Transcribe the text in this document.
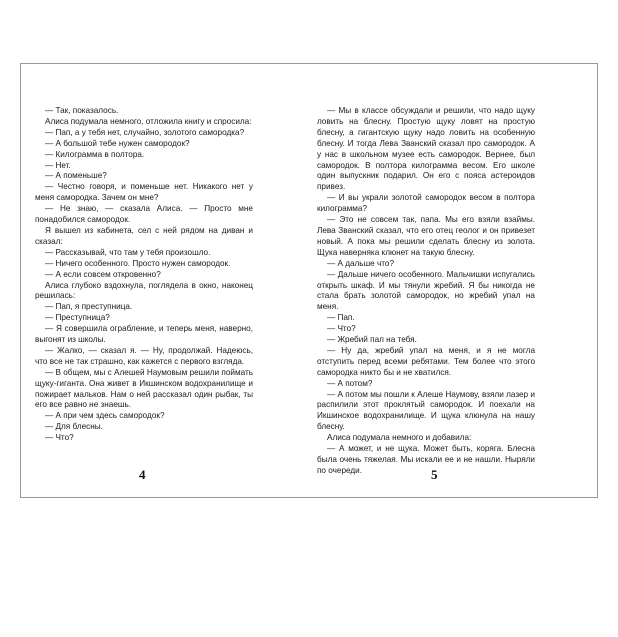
— Так, показалось.

Алиса подумала немного, отложила книгу и спросила:

— Пап, а у тебя нет, случайно, золотого самородка?

— А большой тебе нужен самородок?

— Килограмма в полтора.

— Нет.

— А поменьше?

— Честно говоря, и поменьше нет. Никакого нет у меня самородка. Зачем он мне?

— Не знаю, — сказала Алиса. — Просто мне понадобился самородок.

Я вышел из кабинета, сел с ней рядом на диван и сказал:

— Рассказывай, что там у тебя произошло.

— Ничего особенного. Просто нужен самородок.

— А если совсем откровенно?

Алиса глубоко вздохнула, поглядела в окно, наконец решилась:

— Пап, я преступница.

— Преступница?

— Я совершила ограбление, и теперь меня, наверно, выгонят из школы.

— Жалко, — сказал я. — Ну, продолжай. Надеюсь, что все не так страшно, как кажется с первого взгляда.

— В общем, мы с Алешей Наумовым решили поймать щуку-гиганта. Она живет в Икшинском водохранилище и пожирает мальков. Нам о ней рассказал один рыбак, ты его все равно не знаешь.

— А при чем здесь самородок?

— Для блесны.

— Что?

4

— Мы в классе обсуждали и решили, что надо щуку ловить на блесну. Простую щуку ловят на простую блесну, а гигантскую щуку надо ловить на особенную блесну. И тогда Лева Званский сказал про самородок. А у нас в школьном музее есть самородок. Вернее, был самородок. В полтора килограмма весом. Его школе один выпускник подарил. Он его с пояса астероидов привез.

— И вы украли золотой самородок весом в полтора килограмма?

— Это не совсем так, папа. Мы его взяли взаймы. Лева Званский сказал, что его отец геолог и он привезет новый. А пока мы решили сделать блесну из золота. Щука наверняка клюнет на такую блесну.

— А дальше что?

— Дальше ничего особенного. Мальчишки испугались открыть шкаф. И мы тянули жребий. Я бы никогда не стала брать золотой самородок, но жребий упал на меня.

— Пап.

— Что?

— Жребий пал на тебя.

— Ну да, жребий упал на меня, и я не могла отступить перед всеми ребятами. Тем более что этого самородка никто бы и не хватился.

— А потом?

— А потом мы пошли к Алеше Наумову, взяли лазер и распилили этот проклятый самородок. И поехали на Икшинское водохранилище. И щука клюнула на нашу блесну.

Алиса подумала немного и добавила:

— А может, и не щука. Может быть, коряга. Блесна была очень тяжелая. Мы искали ее и не нашли. Ныряли по очереди.	5
